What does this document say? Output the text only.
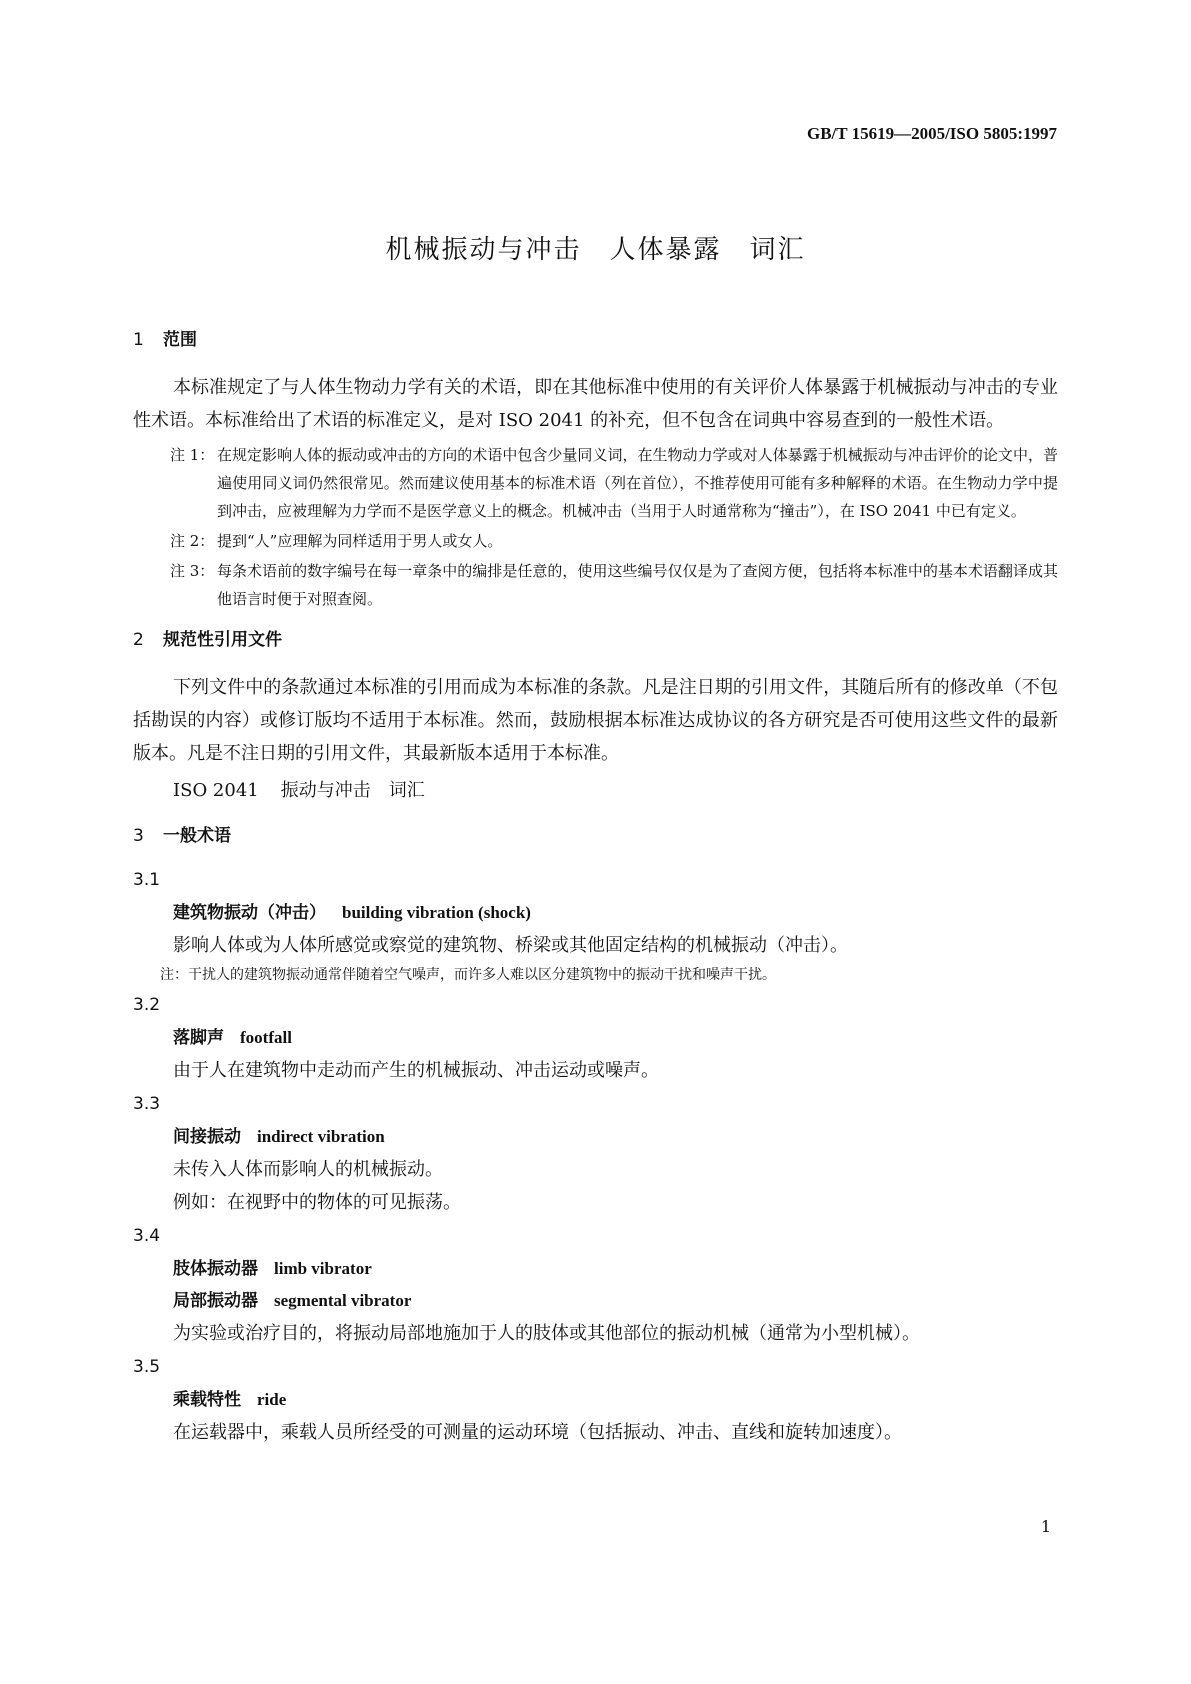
GB/T 15619—2005/ISO 5805:1997
机械振动与冲击　人体暴露　词汇
1 范围

本标准规定了与人体生物动力学有关的术语，即在其他标准中使用的有关评价人体暴露于机械振动与冲击的专业性术语。本标准给出了术语的标准定义，是对 ISO 2041 的补充，但不包含在词典中容易查到的一般性术语。

注 1： 在规定影响人体的振动或冲击的方向的术语中包含少量同义词，在生物动力学或对人体暴露于机械振动与冲击评价的论文中，普遍使用同义词仍然很常见。然而建议使用基本的标准术语（列在首位），不推荐使用可能有多种解释的术语。在生物动力学中提到冲击，应被理解为力学而不是医学意义上的概念。机械冲击（当用于人时通常称为“撞击”），在 ISO 2041 中已有定义。
注 2： 提到“人”应理解为同样适用于男人或女人。
注 3： 每条术语前的数字编号在每一章条中的编排是任意的，使用这些编号仅仅是为了查阅方便，包括将本标准中的基本术语翻译成其他语言时便于对照查阅。
2 规范性引用文件

下列文件中的条款通过本标准的引用而成为本标准的条款。凡是注日期的引用文件，其随后所有的修改单（不包括勘误的内容）或修订版均不适用于本标准。然而，鼓励根据本标准达成协议的各方研究是否可使用这些文件的最新版本。凡是不注日期的引用文件，其最新版本适用于本标准。

ISO 2041 振动与冲击　词汇

3 一般术语
3.1

建筑物振动（冲击） building vibration (shock)

影响人体或为人体所感觉或察觉的建筑物、桥梁或其他固定结构的机械振动（冲击）。

注：干扰人的建筑物振动通常伴随着空气噪声，而许多人难以区分建筑物中的振动干扰和噪声干扰。

3.2

落脚声 footfall

由于人在建筑物中走动而产生的机械振动、冲击运动或噪声。

3.3

间接振动 indirect vibration

未传入人体而影响人的机械振动。

例如：在视野中的物体的可见振荡。

3.4

肢体振动器 limb vibrator

局部振动器 segmental vibrator

为实验或治疗目的，将振动局部地施加于人的肢体或其他部位的振动机械（通常为小型机械）。

3.5

乘载特性 ride

在运载器中，乘载人员所经受的可测量的运动环境（包括振动、冲击、直线和旋转加速度）。

1
